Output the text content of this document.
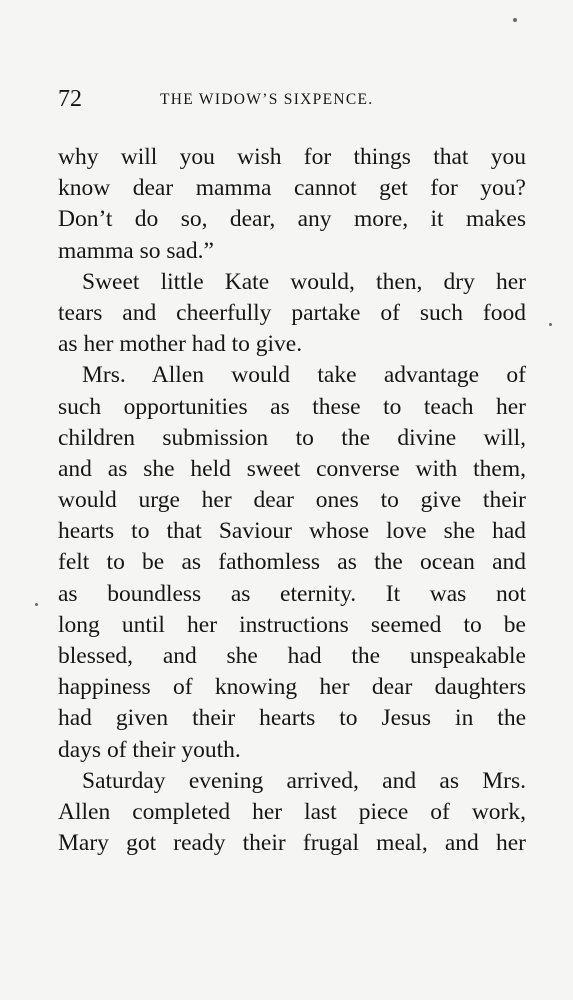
72	THE WIDOW’S SIXPENCE.
why will you wish for things that you
know dear mamma cannot get for you?
Don’t do so, dear, any more, it makes
mamma so sad.”
Sweet little Kate would, then, dry her
tears and cheerfully partake of such food
as her mother had to give.
Mrs. Allen would take advantage of
such opportunities as these to teach her
children submission to the divine will,
and as she held sweet converse with them,
would urge her dear ones to give their
hearts to that Saviour whose love she had
felt to be as fathomless as the ocean and
as boundless as eternity. It was not
long until her instructions seemed to be
blessed, and she had the unspeakable
happiness of knowing her dear daughters
had given their hearts to Jesus in the
days of their youth.
Saturday evening arrived, and as Mrs.
Allen completed her last piece of work,
Mary got ready their frugal meal, and her
